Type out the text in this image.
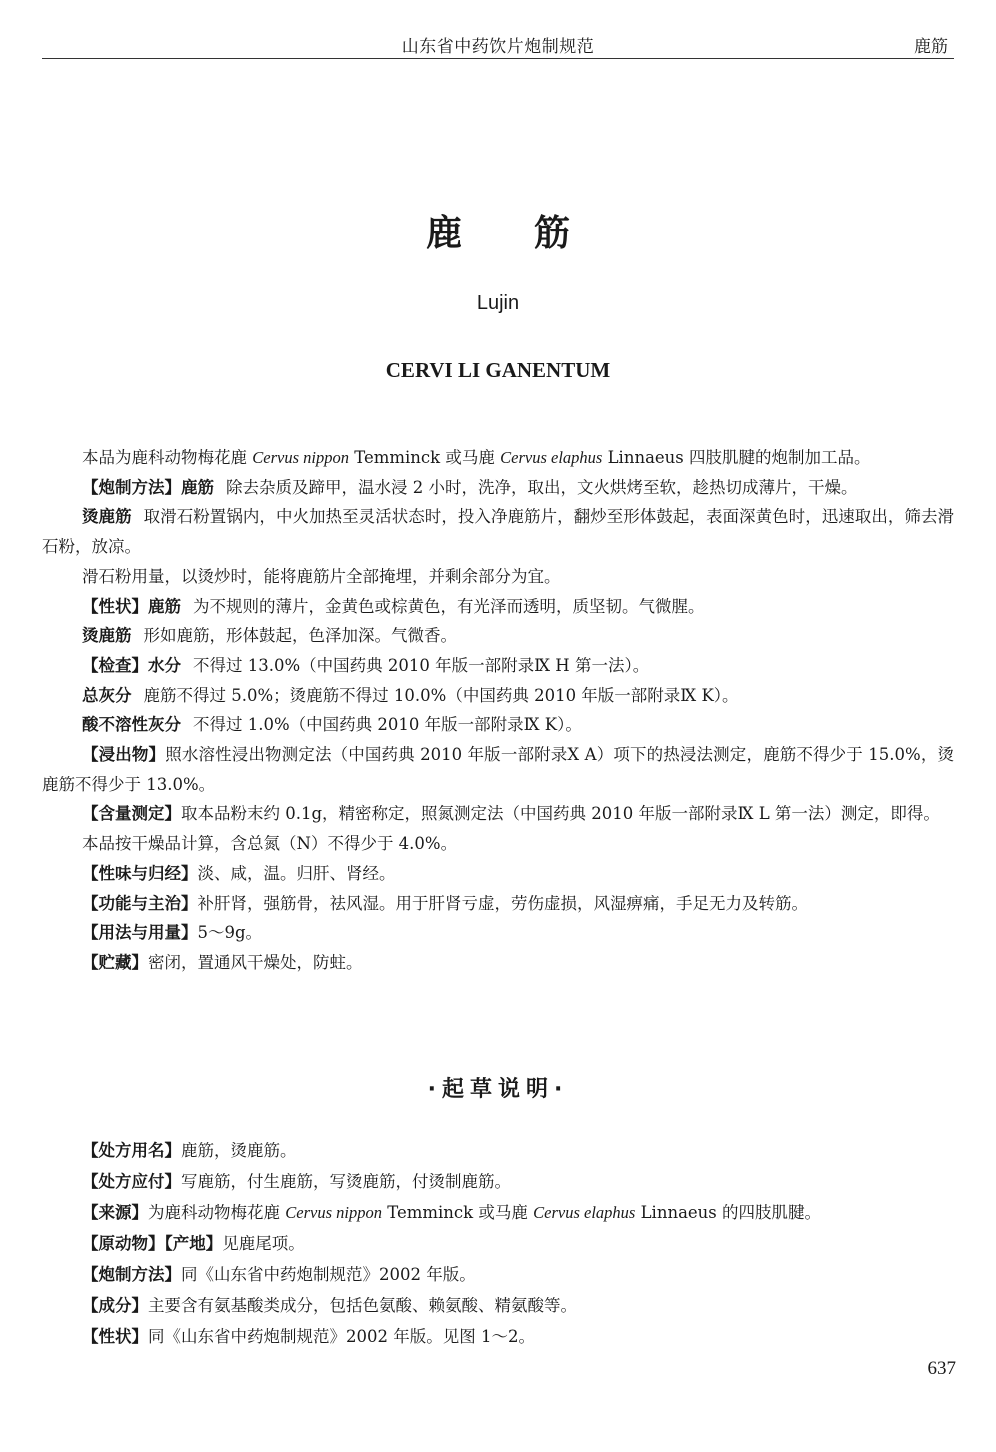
山东省中药饮片炮制规范	鹿筋
鹿筋
Lujin
CERVI LI GANENTUM

本品为鹿科动物梅花鹿 Cervus nippon Temminck 或马鹿 Cervus elaphus Linnaeus 四肢肌腱的炮制加工品。

【炮制方法】鹿筋 除去杂质及蹄甲，温水浸 2 小时，洗净，取出，文火烘烤至软，趁热切成薄片，干燥。

烫鹿筋 取滑石粉置锅内，中火加热至灵活状态时，投入净鹿筋片，翻炒至形体鼓起，表面深黄色时，迅速取出，筛去滑石粉，放凉。

滑石粉用量，以烫炒时，能将鹿筋片全部掩埋，并剩余部分为宜。

【性状】鹿筋 为不规则的薄片，金黄色或棕黄色，有光泽而透明，质坚韧。气微腥。

烫鹿筋 形如鹿筋，形体鼓起，色泽加深。气微香。

【检查】水分 不得过 13.0%（中国药典 2010 年版一部附录Ⅸ H 第一法）。

总灰分 鹿筋不得过 5.0%；烫鹿筋不得过 10.0%（中国药典 2010 年版一部附录Ⅸ K）。

酸不溶性灰分 不得过 1.0%（中国药典 2010 年版一部附录Ⅸ K）。

【浸出物】照水溶性浸出物测定法（中国药典 2010 年版一部附录Ⅹ A）项下的热浸法测定，鹿筋不得少于 15.0%，烫鹿筋不得少于 13.0%。

【含量测定】取本品粉末约 0.1g，精密称定，照氮测定法（中国药典 2010 年版一部附录Ⅸ L 第一法）测定，即得。

本品按干燥品计算，含总氮（N）不得少于 4.0%。

【性味与归经】淡、咸，温。归肝、肾经。

【功能与主治】补肝肾，强筋骨，祛风湿。用于肝肾亏虚，劳伤虚损，风湿痹痛，手足无力及转筋。

【用法与用量】5～9g。

【贮藏】密闭，置通风干燥处，防蛀。

·起草说明·

【处方用名】鹿筋，烫鹿筋。

【处方应付】写鹿筋，付生鹿筋，写烫鹿筋，付烫制鹿筋。

【来源】为鹿科动物梅花鹿 Cervus nippon Temminck 或马鹿 Cervus elaphus Linnaeus 的四肢肌腱。

【原动物】【产地】见鹿尾项。

【炮制方法】同《山东省中药炮制规范》2002 年版。

【成分】主要含有氨基酸类成分，包括色氨酸、赖氨酸、精氨酸等。

【性状】同《山东省中药炮制规范》2002 年版。见图 1～2。

637
